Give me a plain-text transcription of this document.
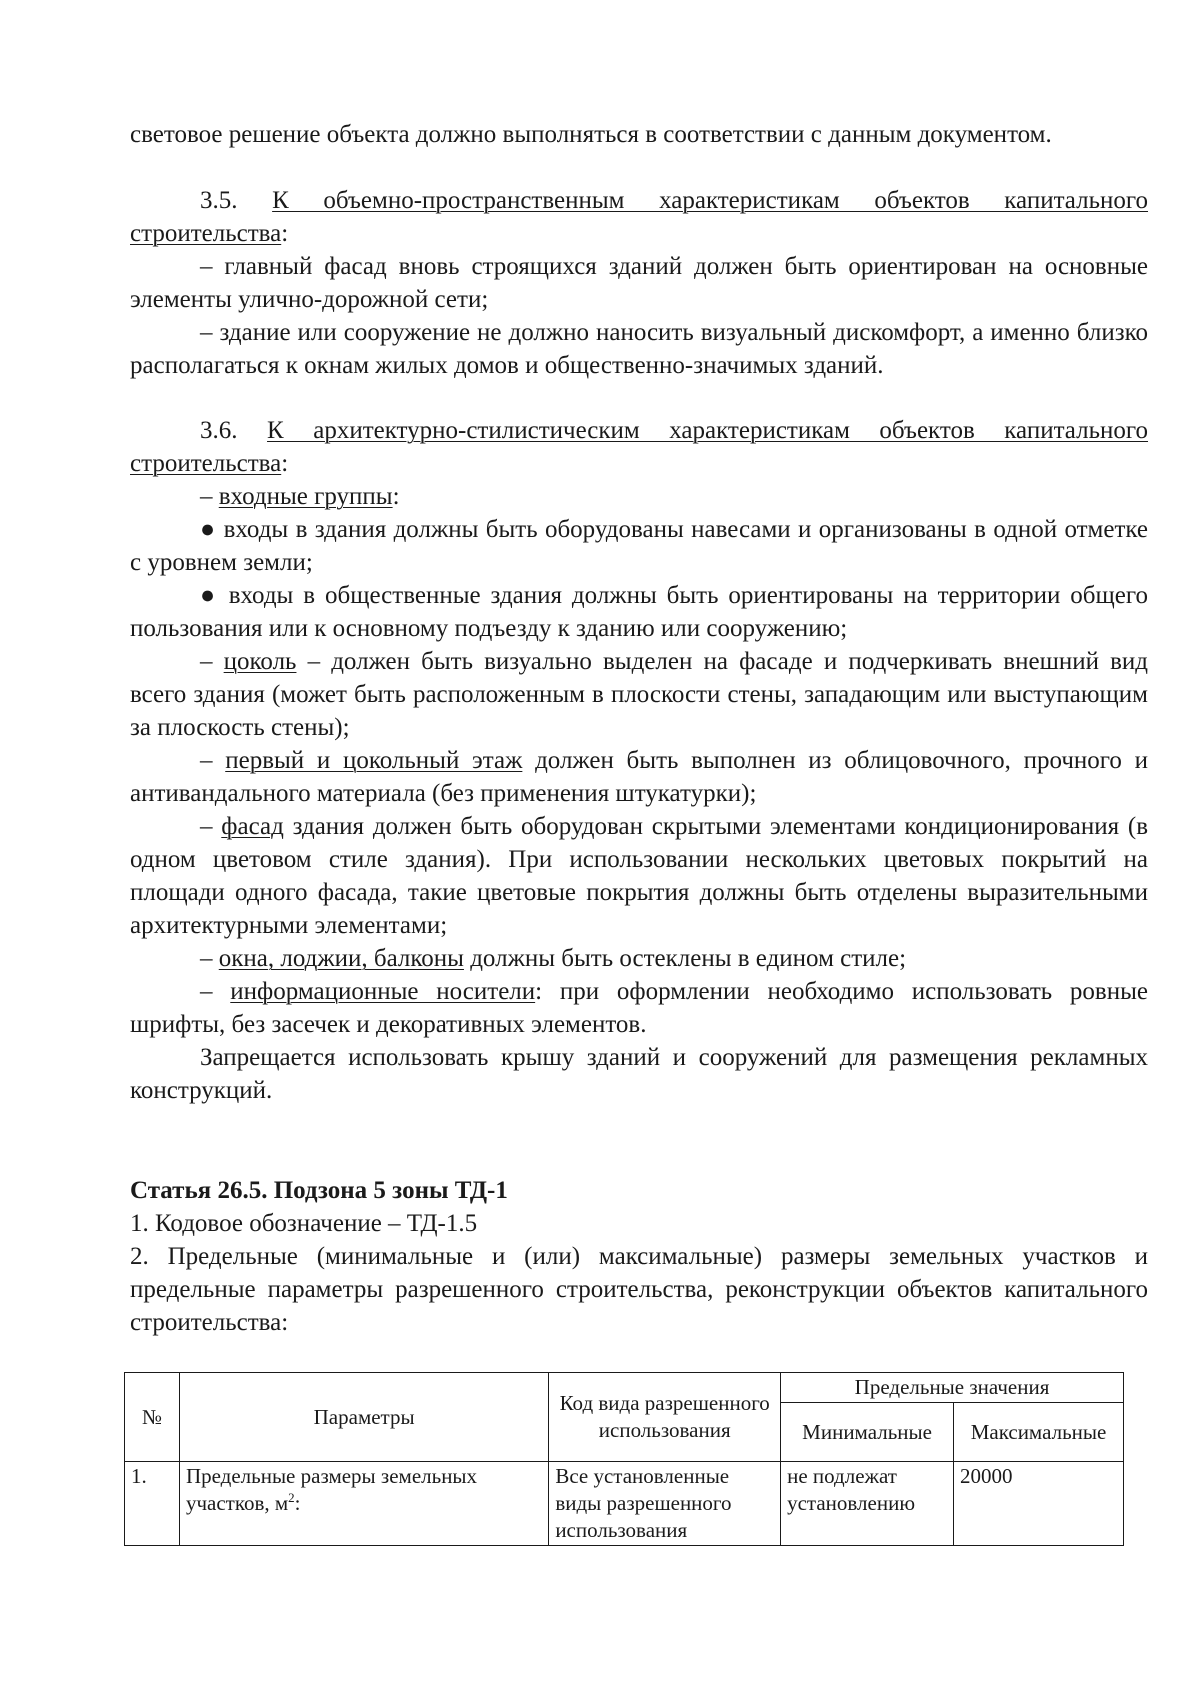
световое решение объекта должно выполняться в соответствии с данным документом.

3.5. К объемно-пространственным характеристикам объектов капитального строительства:

– главный фасад вновь строящихся зданий должен быть ориентирован на основные элементы улично-дорожной сети;

– здание или сооружение не должно наносить визуальный дискомфорт, а именно близко располагаться к окнам жилых домов и общественно-значимых зданий.

3.6. К архитектурно-стилистическим характеристикам объектов капитального строительства:

– входные группы:

● входы в здания должны быть оборудованы навесами и организованы в одной отметке с уровнем земли;

● входы в общественные здания должны быть ориентированы на территории общего пользования или к основному подъезду к зданию или сооружению;

– цоколь – должен быть визуально выделен на фасаде и подчеркивать внешний вид всего здания (может быть расположенным в плоскости стены, западающим или выступающим за плоскость стены);

– первый и цокольный этаж должен быть выполнен из облицовочного, прочного и антивандального материала (без применения штукатурки);

– фасад здания должен быть оборудован скрытыми элементами кондиционирования (в одном цветовом стиле здания). При использовании нескольких цветовых покрытий на площади одного фасада, такие цветовые покрытия должны быть отделены выразительными архитектурными элементами;

– окна, лоджии, балконы должны быть остеклены в едином стиле;

– информационные носители: при оформлении необходимо использовать ровные шрифты, без засечек и декоративных элементов.

Запрещается использовать крышу зданий и сооружений для размещения рекламных конструкций.

Статья 26.5. Подзона 5 зоны ТД-1

1. Кодовое обозначение – ТД-1.5

2. Предельные (минимальные и (или) максимальные) размеры земельных участков и предельные параметры разрешенного строительства, реконструкции объектов капитального строительства:

№	Параметры	Код вида разрешенного использования	Предельные значения	
			Минимальные	Максимальные
1.	Предельные размеры земельных участков, $м^2$:	Все установленные виды разрешенного использования	не подлежат установлению	20000
